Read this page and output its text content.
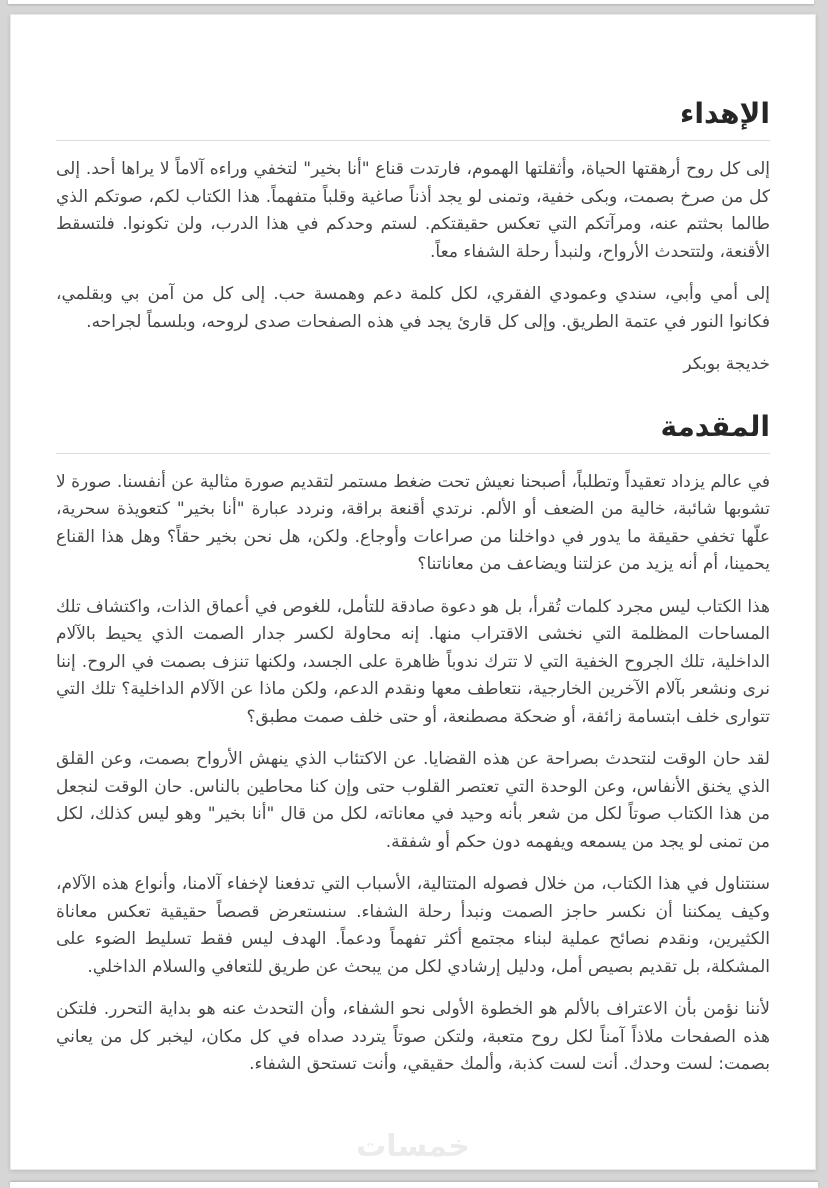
الإهداء

إلى كل روح أرهقتها الحياة، وأثقلتها الهموم، فارتدت قناع "أنا بخير" لتخفي وراءه آلاماً لا يراها أحد. إلى كل من صرخ بصمت، وبكى خفية، وتمنى لو يجد أذناً صاغية وقلباً متفهماً. هذا الكتاب لكم، صوتكم الذي طالما بحثتم عنه، ومرآتكم التي تعكس حقيقتكم. لستم وحدكم في هذا الدرب، ولن تكونوا. فلتسقط الأقنعة، ولتتحدث الأرواح، ولنبدأ رحلة الشفاء معاً.

إلى أمي وأبي، سندي وعمودي الفقري، لكل كلمة دعم وهمسة حب. إلى كل من آمن بي وبقلمي، فكانوا النور في عتمة الطريق. وإلى كل قارئ يجد في هذه الصفحات صدى لروحه، وبلسماً لجراحه.

خديجة بوبكر

المقدمة

في عالم يزداد تعقيداً وتطلباً، أصبحنا نعيش تحت ضغط مستمر لتقديم صورة مثالية عن أنفسنا. صورة لا تشوبها شائبة، خالية من الضعف أو الألم. نرتدي أقنعة براقة، ونردد عبارة "أنا بخير" كتعويذة سحرية، علّها تخفي حقيقة ما يدور في دواخلنا من صراعات وأوجاع. ولكن، هل نحن بخير حقاً؟ وهل هذا القناع يحمينا، أم أنه يزيد من عزلتنا ويضاعف من معاناتنا؟

هذا الكتاب ليس مجرد كلمات تُقرأ، بل هو دعوة صادقة للتأمل، للغوص في أعماق الذات، واكتشاف تلك المساحات المظلمة التي نخشى الاقتراب منها. إنه محاولة لكسر جدار الصمت الذي يحيط بالآلام الداخلية، تلك الجروح الخفية التي لا تترك ندوباً ظاهرة على الجسد، ولكنها تنزف بصمت في الروح. إننا نرى ونشعر بآلام الآخرين الخارجية، نتعاطف معها ونقدم الدعم، ولكن ماذا عن الآلام الداخلية؟ تلك التي تتوارى خلف ابتسامة زائفة، أو ضحكة مصطنعة، أو حتى خلف صمت مطبق؟

لقد حان الوقت لنتحدث بصراحة عن هذه القضايا. عن الاكتئاب الذي ينهش الأرواح بصمت، وعن القلق الذي يخنق الأنفاس، وعن الوحدة التي تعتصر القلوب حتى وإن كنا محاطين بالناس. حان الوقت لنجعل من هذا الكتاب صوتاً لكل من شعر بأنه وحيد في معاناته، لكل من قال "أنا بخير" وهو ليس كذلك، لكل من تمنى لو يجد من يسمعه ويفهمه دون حكم أو شفقة.

سنتناول في هذا الكتاب، من خلال فصوله المتتالية، الأسباب التي تدفعنا لإخفاء آلامنا، وأنواع هذه الآلام، وكيف يمكننا أن نكسر حاجز الصمت ونبدأ رحلة الشفاء. سنستعرض قصصاً حقيقية تعكس معاناة الكثيرين، ونقدم نصائح عملية لبناء مجتمع أكثر تفهماً ودعماً. الهدف ليس فقط تسليط الضوء على المشكلة، بل تقديم بصيص أمل، ودليل إرشادي لكل من يبحث عن طريق للتعافي والسلام الداخلي.

لأننا نؤمن بأن الاعتراف بالألم هو الخطوة الأولى نحو الشفاء، وأن التحدث عنه هو بداية التحرر. فلتكن هذه الصفحات ملاذاً آمناً لكل روح متعبة، ولتكن صوتاً يتردد صداه في كل مكان، ليخبر كل من يعاني بصمت: لست وحدك. أنت لست كذبة، وألمك حقيقي، وأنت تستحق الشفاء.

خمسات
